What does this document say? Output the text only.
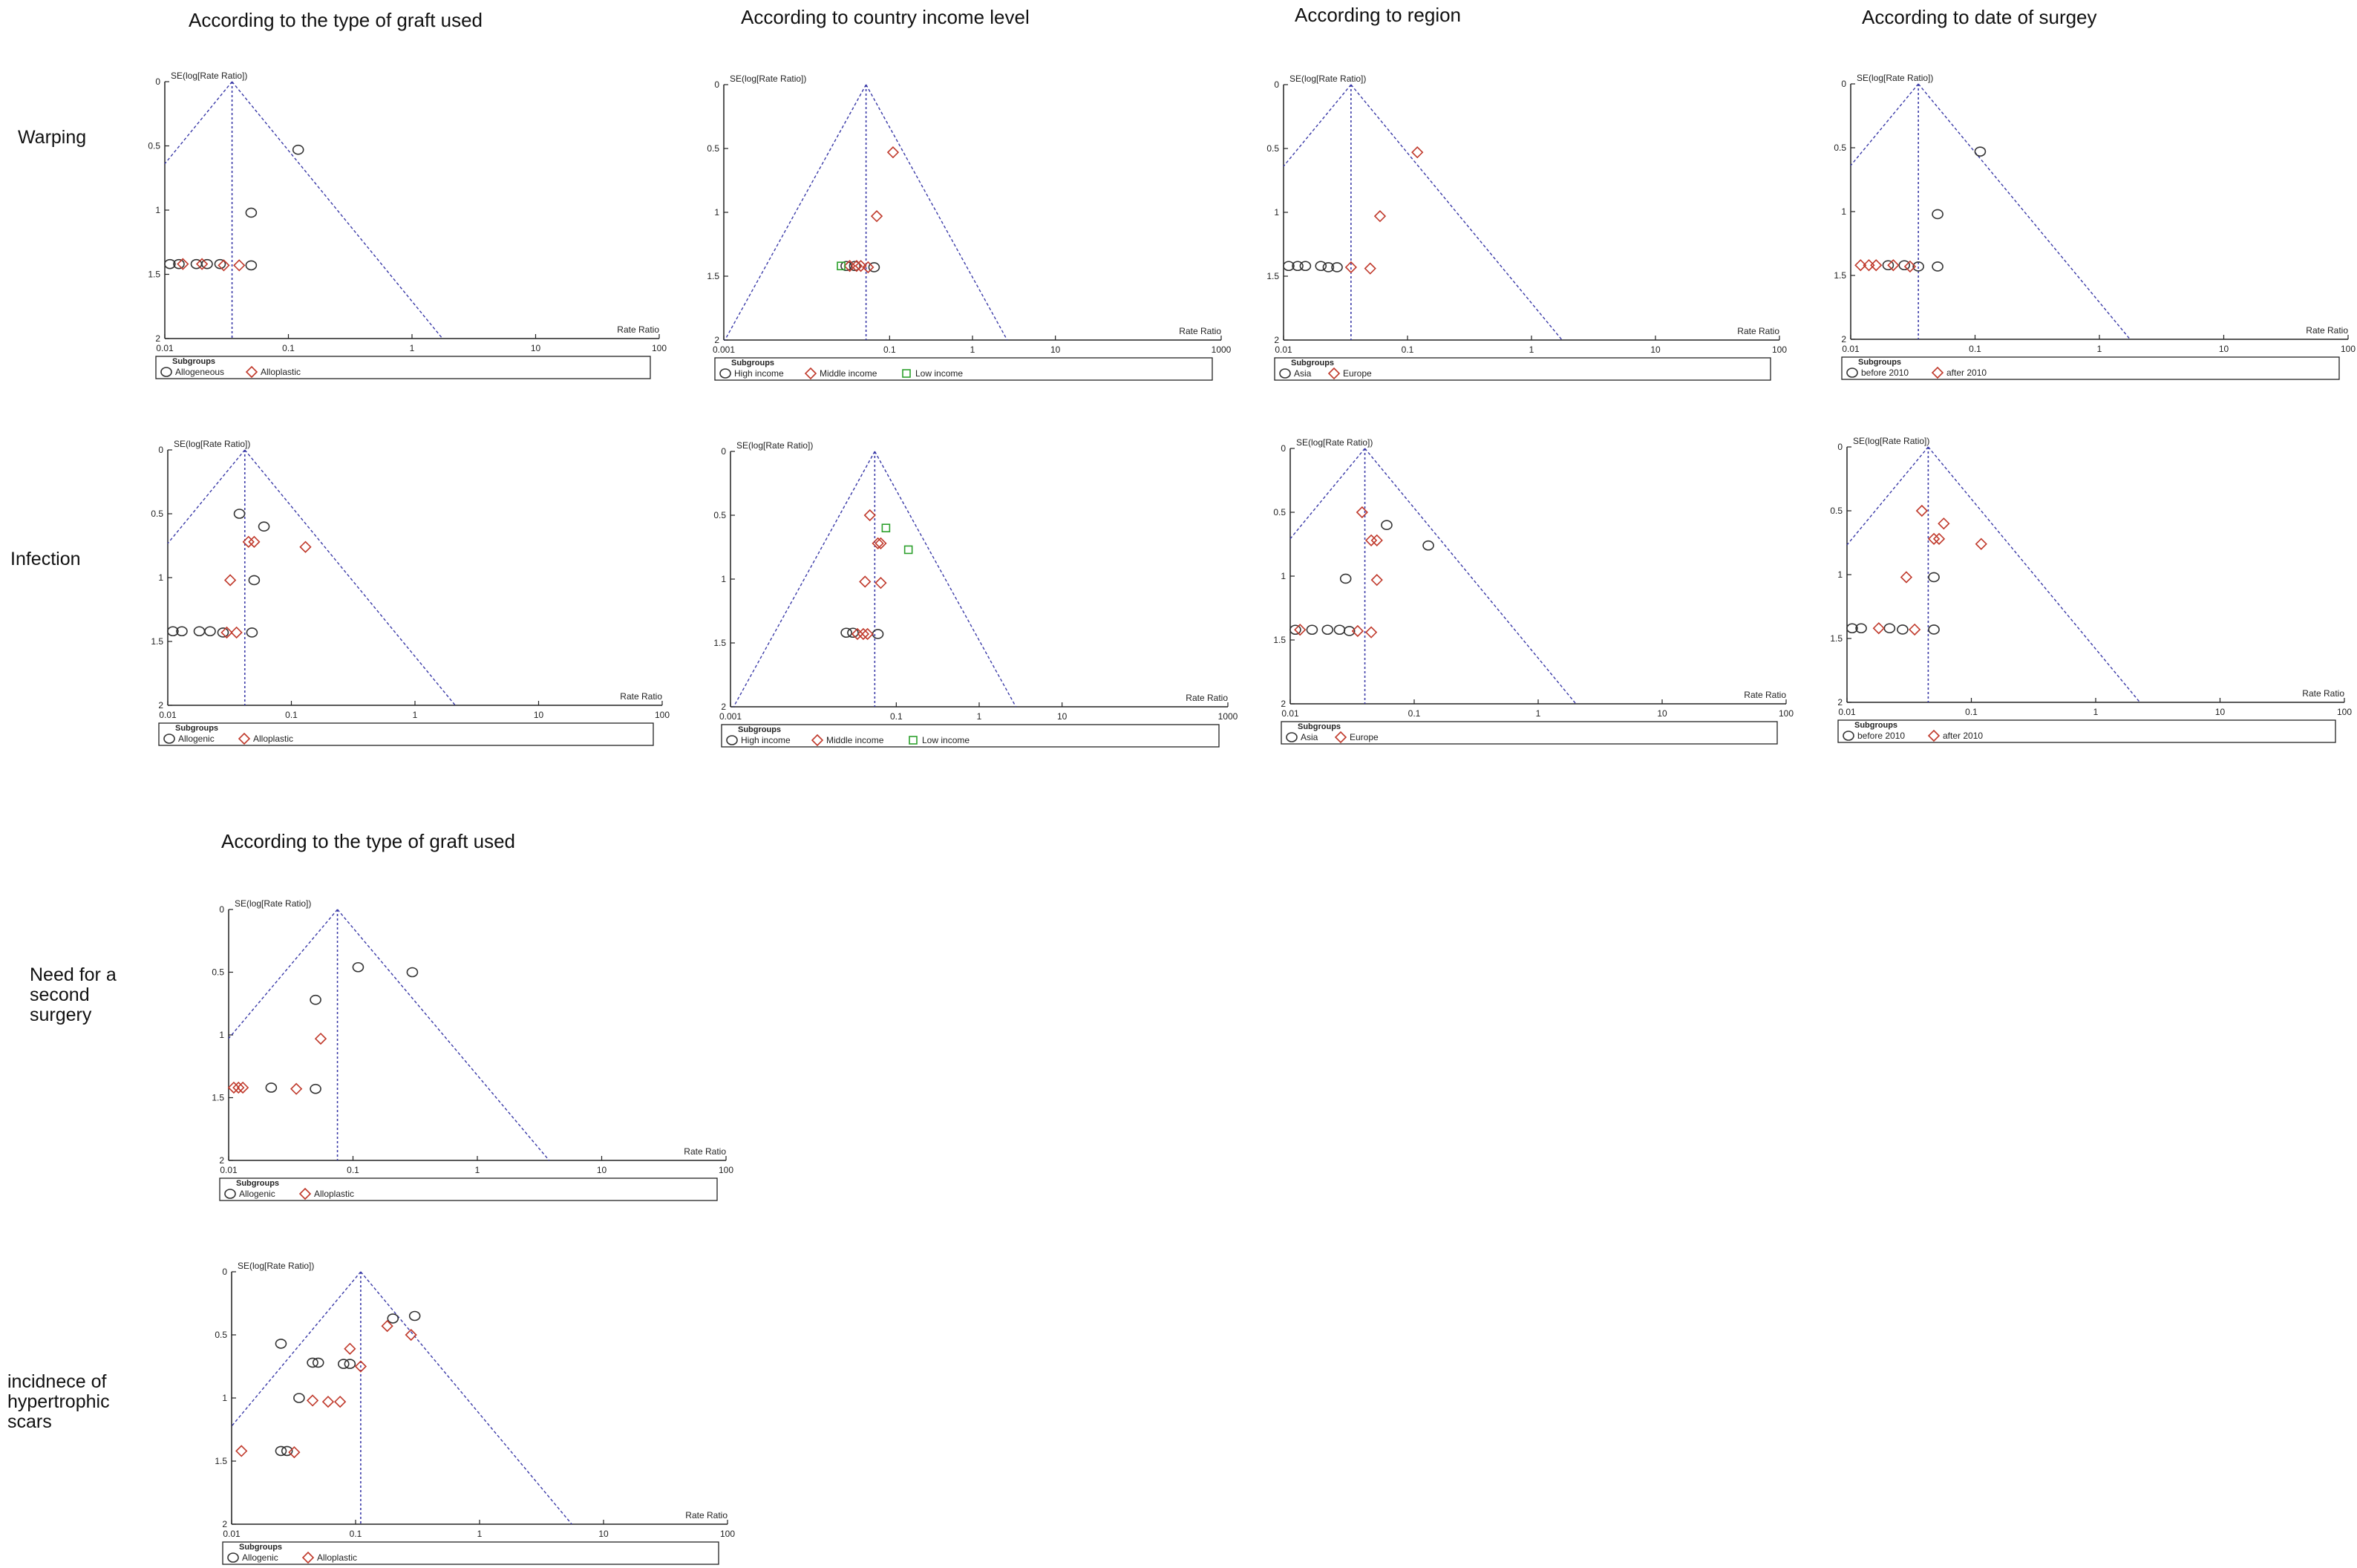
According to the type of graft used	According to country income level	According to region	According to date of surgey
According to the type of graft used
Warping
Infection
Need for a
second
surgery
incidnece of
hypertrophic
scars
0.01	0.1	1	10	100
0
0.5
1
1.5
2
SE(log[Rate Ratio])
Rate Ratio
Subgroups
Allogeneous	Alloplastic
0.001	0.1	1	10	1000
0
0.5
1
1.5
2
SE(log[Rate Ratio])
Rate Ratio
Subgroups
High income	Middle income	Low income
0.01	0.1	1	10	100
0
0.5
1
1.5
2
SE(log[Rate Ratio])
Rate Ratio
Subgroups
Asia	Europe
0.01	0.1	1	10	100
0
0.5
1
1.5
2
SE(log[Rate Ratio])
Rate Ratio
Subgroups
before 2010	after 2010
0.01	0.1	1	10	100
0
0.5
1
1.5
2
SE(log[Rate Ratio])
Rate Ratio
Subgroups
Allogenic	Alloplastic
0.001	0.1	1	10	1000
0
0.5
1
1.5
2
SE(log[Rate Ratio])
Rate Ratio
Subgroups
High income	Middle income	Low income
0.01	0.1	1	10	100
0
0.5
1
1.5
2
SE(log[Rate Ratio])
Rate Ratio
Subgroups
Asia	Europe
0.01	0.1	1	10	100
0
0.5
1
1.5
2
SE(log[Rate Ratio])
Rate Ratio
Subgroups
before 2010	after 2010
0.01	0.1	1	10	100
0
0.5
1
1.5
2
SE(log[Rate Ratio])
Rate Ratio
Subgroups
Allogenic	Alloplastic
0.01	0.1	1	10	100
0
0.5
1
1.5
2
SE(log[Rate Ratio])
Rate Ratio
Subgroups
Allogenic	Alloplastic
